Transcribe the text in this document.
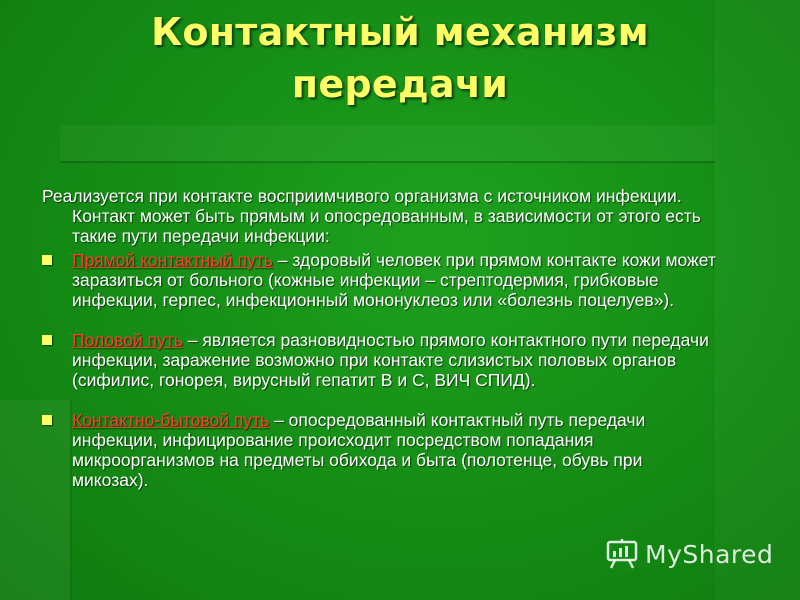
Контактный механизм
передачи

Реализуется при контакте восприимчивого организма с источником инфекции. Контакт может быть прямым и опосредованным, в зависимости от этого есть такие пути передачи инфекции:

Прямой контактный путь – здоровый человек при прямом контакте кожи может заразиться от больного (кожные инфекции – стрептодермия, грибковые инфекции, герпес, инфекционный мононуклеоз или «болезнь поцелуев»).
Половой путь – является разновидностью прямого контактного пути передачи инфекции, заражение возможно при контакте слизистых половых органов (сифилис, гонорея, вирусный гепатит B и C, ВИЧ СПИД).
Контактно-бытовой путь – опосредованный контактный путь передачи инфекции, инфицирование происходит посредством попадания микроорганизмов на предметы обихода и быта (полотенце, обувь при микозах).
MyShared
